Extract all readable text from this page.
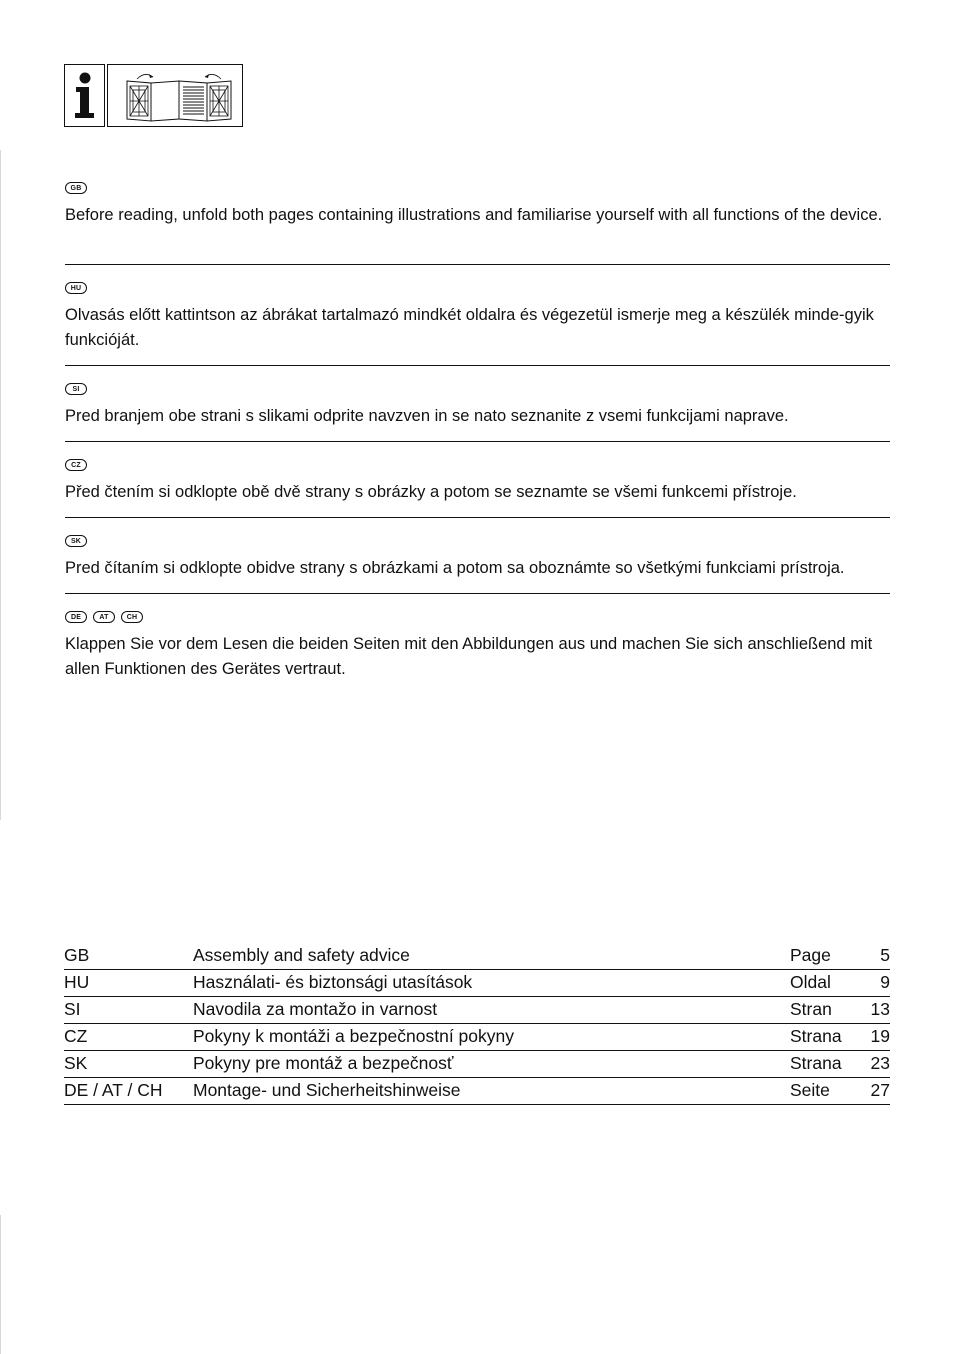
GB

Before reading, unfold both pages containing illustrations and familiarise yourself with all functions of the device.

HU

Olvasás előtt kattintson az ábrákat tartalmazó mindkét oldalra és végezetül ismerje meg a készülék minde-gyik funkcióját.

SI

Pred branjem obe strani s slikami odprite navzven in se nato seznanite z vsemi funkcijami naprave.

CZ

Před čtením si odklopte obě dvě strany s obrázky a potom se seznamte se všemi funkcemi přístroje.

SK

Pred čítaním si odklopte obidve strany s obrázkami a potom sa oboznámte so všetkými funkciami prístroja.

DE	AT	CH

Klappen Sie vor dem Lesen die beiden Seiten mit den Abbildungen aus und machen Sie sich anschließend mit allen Funktionen des Gerätes vertraut.

GB	Assembly and safety advice	Page	5
HU	Használati- és biztonsági utasítások	Oldal	9
SI	Navodila za montažo in varnost	Stran	13
CZ	Pokyny k montáži a bezpečnostní pokyny	Strana	19
SK	Pokyny pre montáž a bezpečnosť	Strana	23
DE / AT / CH	Montage- und Sicherheitshinweise	Seite	27
